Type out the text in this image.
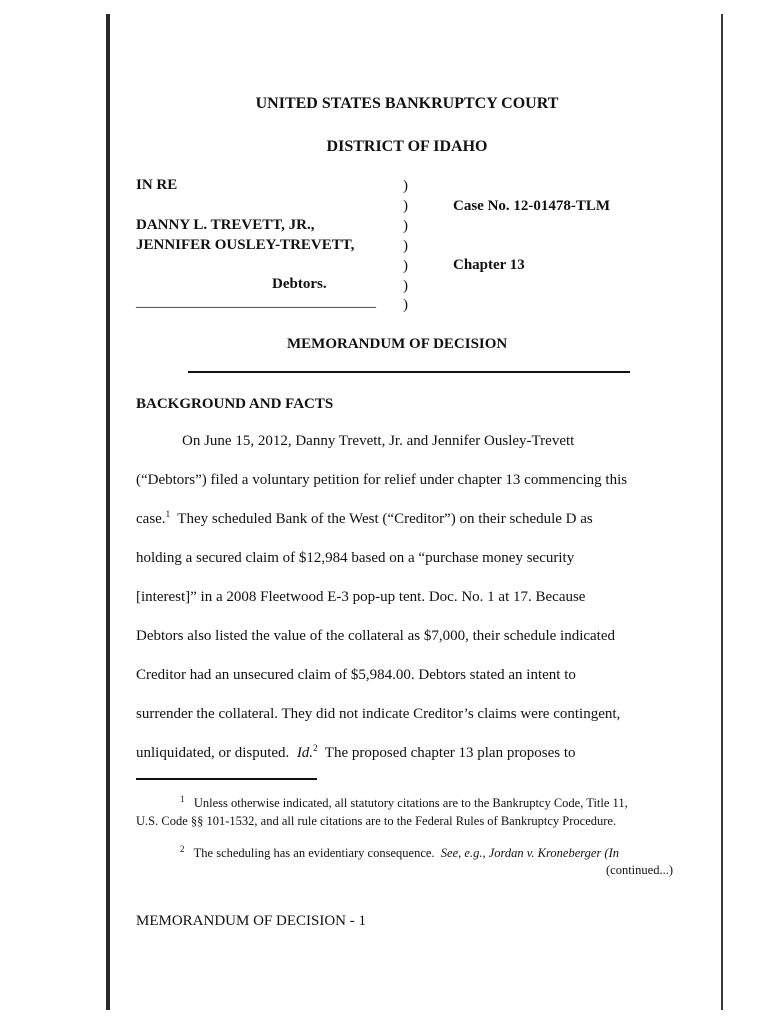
UNITED STATES BANKRUPTCY COURT
DISTRICT OF IDAHO
IN RE
DANNY L. TREVETT, JR.,
JENNIFER OUSLEY-TREVETT,
Debtors.
________________________________
)
)
)
)
)
)
)
Case No. 12-01478-TLM
Chapter 13
MEMORANDUM OF DECISION
BACKGROUND AND FACTS
On June 15, 2012, Danny Trevett, Jr. and Jennifer Ousley-Trevett
(“Debtors”) filed a voluntary petition for relief under chapter 13 commencing this
case.$^1$  They scheduled Bank of the West (“Creditor”) on their schedule D as
holding a secured claim of $12,984 based on a “purchase money security
[interest]” in a 2008 Fleetwood E-3 pop-up tent. Doc. No. 1 at 17. Because
Debtors also listed the value of the collateral as $7,000, their schedule indicated
Creditor had an unsecured claim of $5,984.00. Debtors stated an intent to
surrender the collateral. They did not indicate Creditor’s claims were contingent,
unliquidated, or disputed.  Id.$^2$  The proposed chapter 13 plan proposes to
$^1$ Unless otherwise indicated, all statutory citations are to the Bankruptcy Code, Title 11,
U.S. Code §§ 101-1532, and all rule citations are to the Federal Rules of Bankruptcy Procedure.
$^2$ The scheduling has an evidentiary consequence.  See, e.g., Jordan v. Kroneberger (In
(continued...)
MEMORANDUM OF DECISION - 1
